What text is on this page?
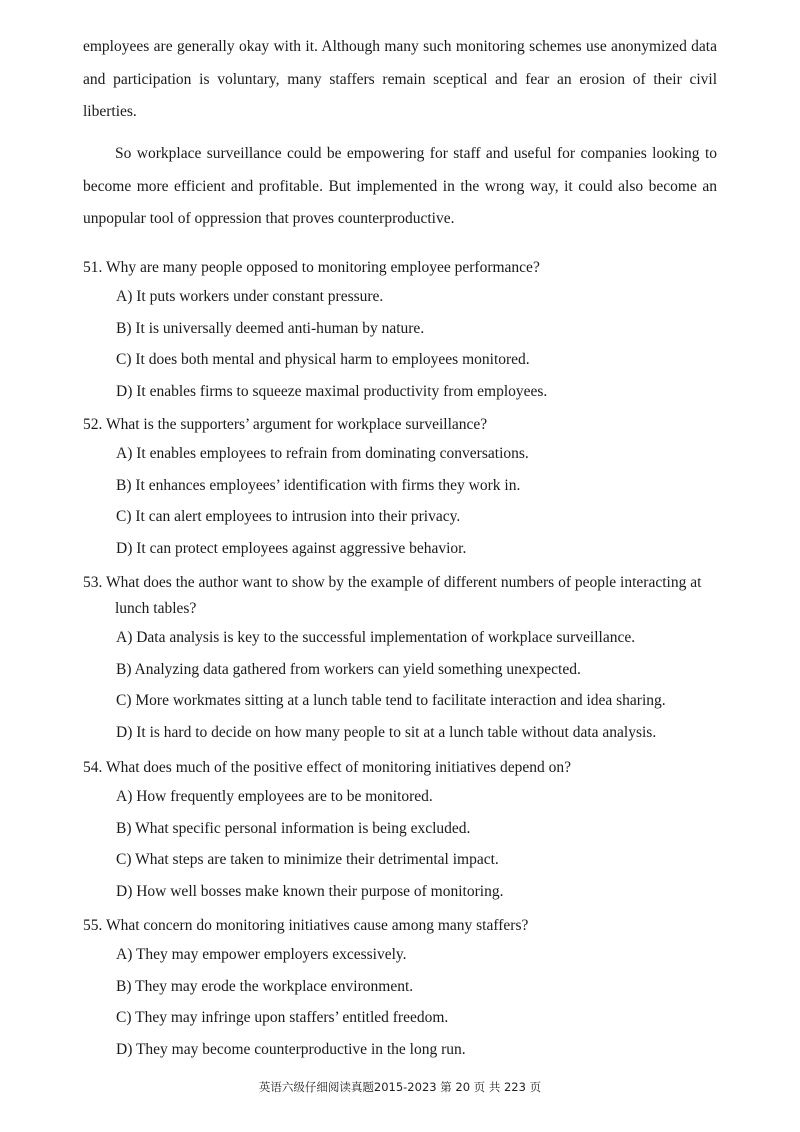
employees are generally okay with it. Although many such monitoring schemes use anonymized data and participation is voluntary, many staffers remain sceptical and fear an erosion of their civil liberties.

So workplace surveillance could be empowering for staff and useful for companies looking to become more efficient and profitable. But implemented in the wrong way, it could also become an unpopular tool of oppression that proves counterproductive.

51. Why are many people opposed to monitoring employee performance?

A) It puts workers under constant pressure.
B) It is universally deemed anti-human by nature.
C) It does both mental and physical harm to employees monitored.
D) It enables firms to squeeze maximal productivity from employees.

52. What is the supporters’ argument for workplace surveillance?

A) It enables employees to refrain from dominating conversations.
B) It enhances employees’ identification with firms they work in.
C) It can alert employees to intrusion into their privacy.
D) It can protect employees against aggressive behavior.

53. What does the author want to show by the example of different numbers of people interacting at lunch tables?

A) Data analysis is key to the successful implementation of workplace surveillance.
B) Analyzing data gathered from workers can yield something unexpected.
C) More workmates sitting at a lunch table tend to facilitate interaction and idea sharing.
D) It is hard to decide on how many people to sit at a lunch table without data analysis.

54. What does much of the positive effect of monitoring initiatives depend on?

A) How frequently employees are to be monitored.
B) What specific personal information is being excluded.
C) What steps are taken to minimize their detrimental impact.
D) How well bosses make known their purpose of monitoring.

55. What concern do monitoring initiatives cause among many staffers?

A) They may empower employers excessively.
B) They may erode the workplace environment.
C) They may infringe upon staffers’ entitled freedom.
D) They may become counterproductive in the long run.
英语六级仔细阅读真题2015-2023 第 20 页 共 223 页
